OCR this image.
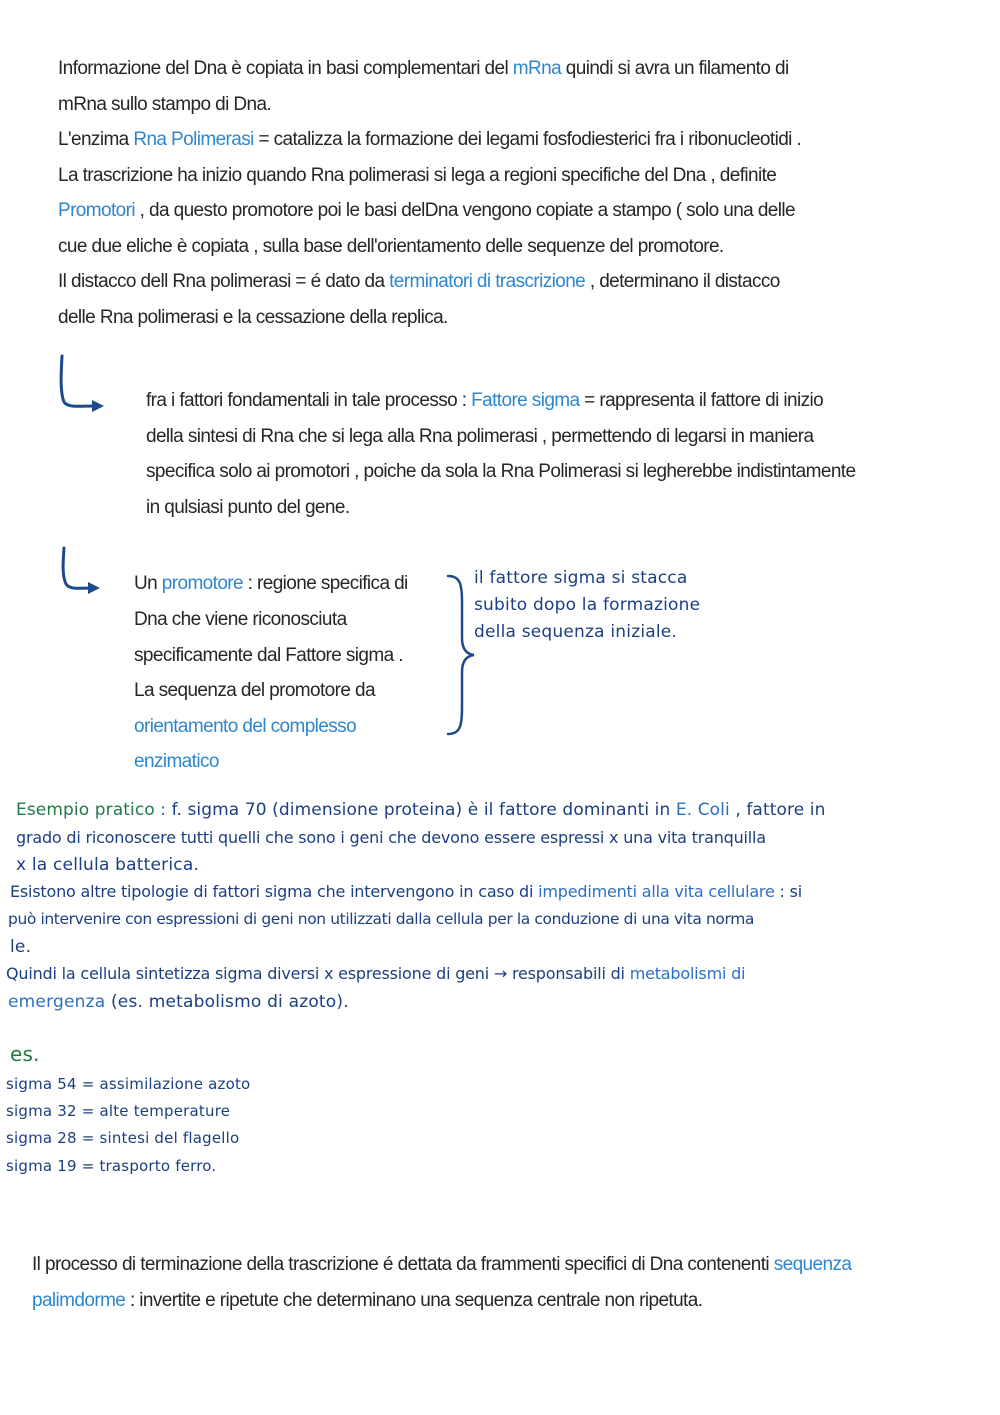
Informazione del Dna è copiata in basi complementari del mRna quindi si avra un filamento di
mRna sullo stampo di Dna.
L'enzima Rna Polimerasi = catalizza la formazione dei legami fosfodiesterici fra i ribonucleotidi .
La trascrizione ha inizio quando Rna polimerasi si lega a regioni specifiche del Dna , definite
Promotori , da questo promotore poi le basi delDna vengono copiate a stampo ( solo una delle
cue due eliche è copiata , sulla base dell'orientamento delle sequenze del promotore.
Il distacco dell Rna polimerasi = é dato da terminatori di trascrizione , determinano il distacco
delle Rna polimerasi e la cessazione della replica.
fra i fattori fondamentali in tale processo : Fattore sigma = rappresenta il fattore di inizio
della sintesi di Rna che si lega alla Rna polimerasi , permettendo di legarsi in maniera
specifica solo ai promotori , poiche da sola la Rna Polimerasi si legherebbe indistintamente
in qulsiasi punto del gene.
Un promotore : regione specifica di
Dna che viene riconosciuta
specificamente dal Fattore sigma .
La sequenza del promotore da
orientamento del complesso
enzimatico
il fattore sigma si stacca
subito dopo la formazione
della sequenza iniziale.
Esempio pratico : f. sigma 70 (dimensione proteina) è il fattore dominanti in E. Coli , fattore in
grado di riconoscere tutti quelli che sono i geni che devono essere espressi x una vita tranquilla
x la cellula batterica.
Esistono altre tipologie di fattori sigma che intervengono in caso di impedimenti alla vita cellulare : si
può intervenire con espressioni di geni non utilizzati dalla cellula per la conduzione di una vita norma
le.
Quindi la cellula sintetizza sigma diversi x espressione di geni → responsabili di metabolismi di
emergenza (es. metabolismo di azoto).
es.
sigma 54 = assimilazione azoto
sigma 32 = alte temperature
sigma 28 = sintesi del flagello
sigma 19 = trasporto ferro.
Il processo di terminazione della trascrizione é dettata da frammenti specifici di Dna contenenti sequenza
palimdorme : invertite e ripetute che determinano una sequenza centrale non ripetuta.
